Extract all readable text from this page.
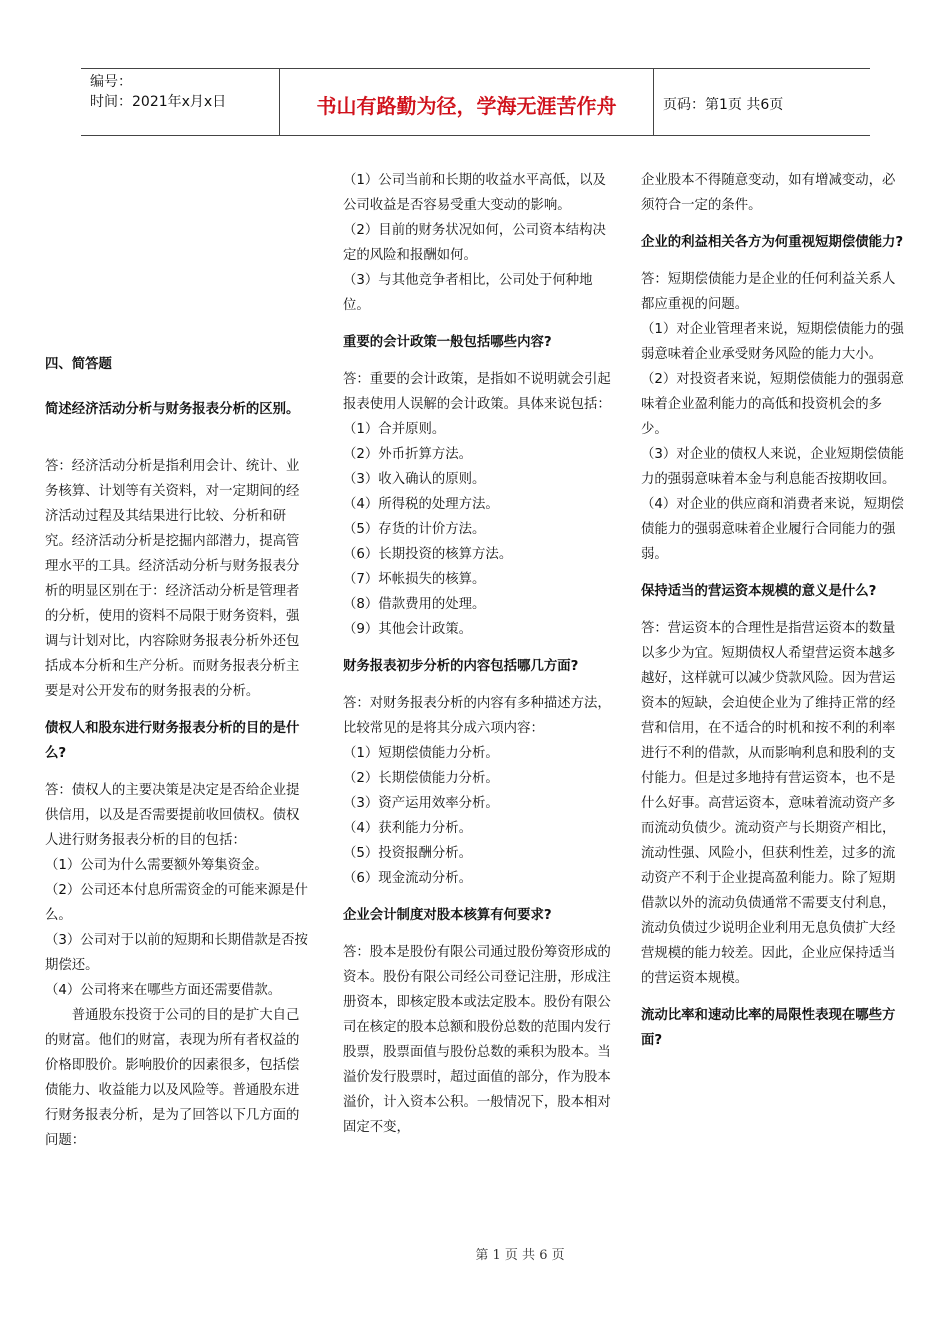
编号：
时间：2021年x月x日	书山有路勤为径，学海无涯苦作舟	页码：第1页 共6页

四、简答题

简述经济活动分析与财务报表分析的区别。

答：经济活动分析是指利用会计、统计、业务核算、计划等有关资料，对一定期间的经济活动过程及其结果进行比较、分析和研究。经济活动分析是挖掘内部潜力，提高管理水平的工具。经济活动分析与财务报表分析的明显区别在于：经济活动分析是管理者的分析，使用的资料不局限于财务资料，强调与计划对比，内容除财务报表分析外还包括成本分析和生产分析。而财务报表分析主要是对公开发布的财务报表的分析。

债权人和股东进行财务报表分析的目的是什么?

答：债权人的主要决策是决定是否给企业提供信用，以及是否需要提前收回债权。债权人进行财务报表分析的目的包括：

（1）公司为什么需要额外筹集资金。

（2）公司还本付息所需资金的可能来源是什么。

（3）公司对于以前的短期和长期借款是否按期偿还。

（4）公司将来在哪些方面还需要借款。

普通股东投资于公司的目的是扩大自己的财富。他们的财富，表现为所有者权益的价格即股价。影响股价的因素很多，包括偿债能力、收益能力以及风险等。普通股东进行财务报表分析，是为了回答以下几方面的问题：

（1）公司当前和长期的收益水平高低，以及公司收益是否容易受重大变动的影响。

（2）目前的财务状况如何，公司资本结构决定的风险和报酬如何。

（3）与其他竞争者相比，公司处于何种地位。

重要的会计政策一般包括哪些内容?

答：重要的会计政策，是指如不说明就会引起报表使用人误解的会计政策。具体来说包括：

（1）合并原则。

（2）外币折算方法。

（3）收入确认的原则。

（4）所得税的处理方法。

（5）存货的计价方法。

（6）长期投资的核算方法。

（7）坏帐损失的核算。

（8）借款费用的处理。

（9）其他会计政策。

财务报表初步分析的内容包括哪几方面?

答：对财务报表分析的内容有多种描述方法，比较常见的是将其分成六项内容：

（1）短期偿债能力分析。

（2）长期偿债能力分析。

（3）资产运用效率分析。

（4）获利能力分析。

（5）投资报酬分析。

（6）现金流动分析。

企业会计制度对股本核算有何要求?

答：股本是股份有限公司通过股份筹资形成的资本。股份有限公司经公司登记注册，形成注册资本，即核定股本或法定股本。股份有限公司在核定的股本总额和股份总数的范围内发行股票，股票面值与股份总数的乘积为股本。当溢价发行股票时，超过面值的部分，作为股本溢价，计入资本公积。一般情况下，股本相对固定不变，

企业股本不得随意变动，如有增减变动，必须符合一定的条件。

企业的利益相关各方为何重视短期偿债能力?

答：短期偿债能力是企业的任何利益关系人都应重视的问题。

（1）对企业管理者来说，短期偿债能力的强弱意味着企业承受财务风险的能力大小。

（2）对投资者来说，短期偿债能力的强弱意味着企业盈利能力的高低和投资机会的多少。

（3）对企业的债权人来说，企业短期偿债能力的强弱意味着本金与利息能否按期收回。

（4）对企业的供应商和消费者来说，短期偿债能力的强弱意味着企业履行合同能力的强弱。

保持适当的营运资本规模的意义是什么?

答：营运资本的合理性是指营运资本的数量以多少为宜。短期债权人希望营运资本越多越好，这样就可以减少贷款风险。因为营运资本的短缺，会迫使企业为了维持正常的经营和信用，在不适合的时机和按不利的利率进行不利的借款，从而影响利息和股利的支付能力。但是过多地持有营运资本，也不是什么好事。高营运资本，意味着流动资产多而流动负债少。流动资产与长期资产相比，流动性强、风险小，但获利性差，过多的流动资产不利于企业提高盈利能力。除了短期借款以外的流动负债通常不需要支付利息，流动负债过少说明企业利用无息负债扩大经营规模的能力较差。因此，企业应保持适当的营运资本规模。

流动比率和速动比率的局限性表现在哪些方面?

第 1 页 共 6 页
